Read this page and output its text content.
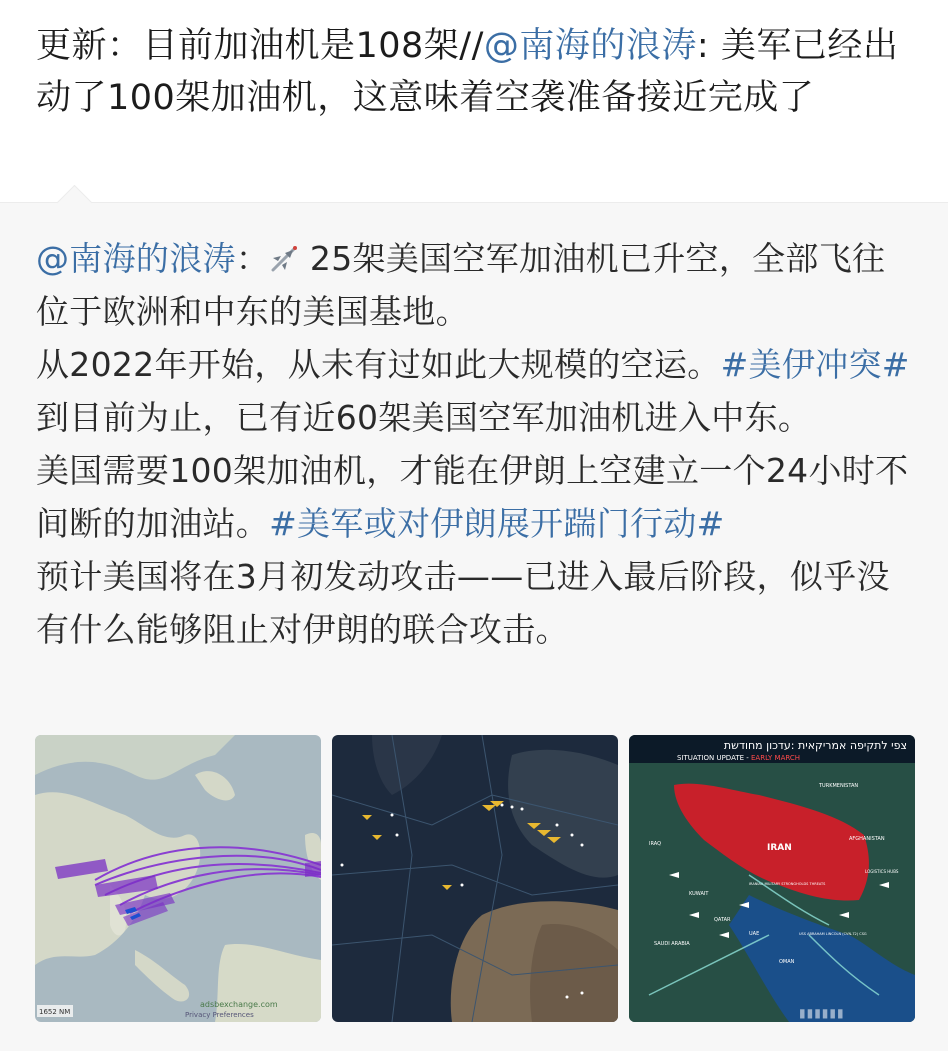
更新：目前加油机是108架//@南海的浪涛: 美军已经出动了100架加油机，这意味着空袭准备接近完成了
@南海的浪涛： 25架美国空军加油机已升空，全部飞往位于欧洲和中东的美国基地。
从2022年开始，从未有过如此大规模的空运。#美伊冲突#
到目前为止，已有近60架美国空军加油机进入中东。
美国需要100架加油机，才能在伊朗上空建立一个24小时不间断的加油站。#美军或对伊朗展开踹门行动#
预计美国将在3月初发动攻击——已进入最后阶段，似乎没有什么能够阻止对伊朗的联合攻击。
1652 NM
adsbexchange.com
Privacy Preferences
צפי לתקיפה אמריקאית :עדכון מחודשת
SITUATION UPDATE - EARLY MARCH
IRAN
TURKMENISTAN
IRAQ
AFGHANISTAN
KUWAIT
SAUDI ARABIA
QATAR
UAE
OMAN
LOGISTICS HUBS
IRANIAN MILITARY STRONGHOLDS THREATS
USS ABRAHAM LINCOLN (CVN-72) CSG
▮▮▮▮▮▮
